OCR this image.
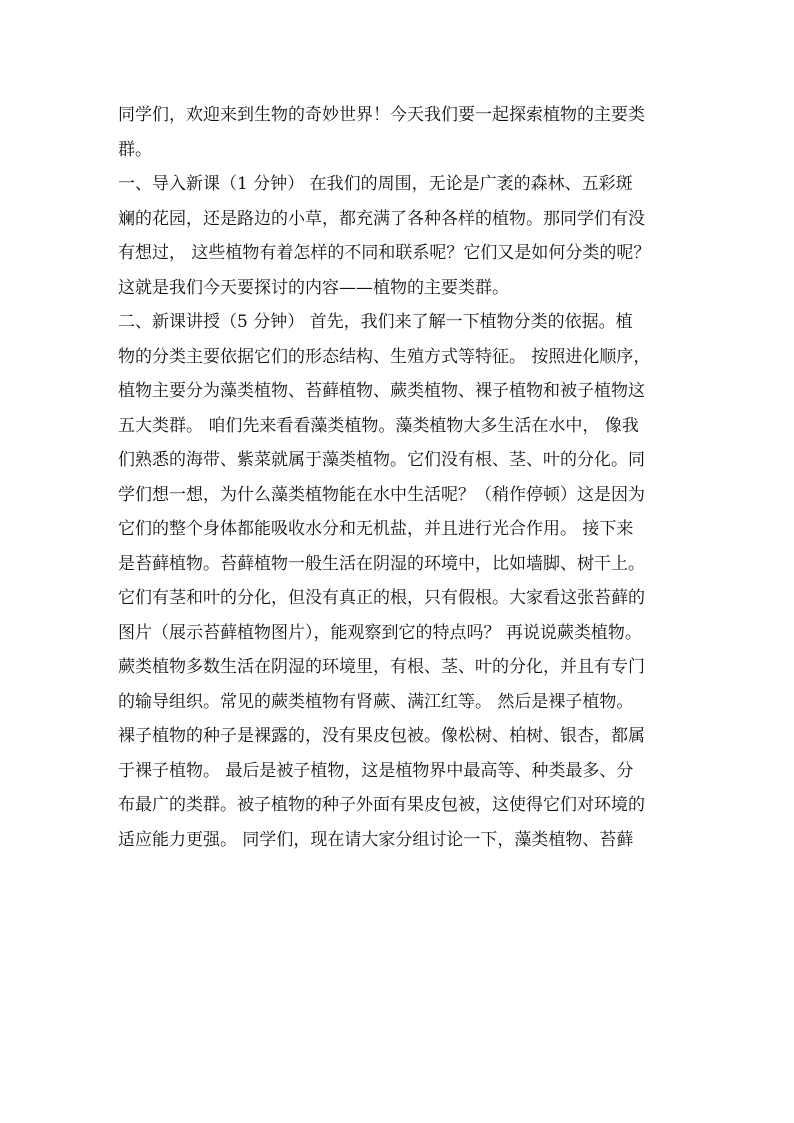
同学们，欢迎来到生物的奇妙世界！今天我们要一起探索植物的主要类
群。
一、导入新课（1 分钟） 在我们的周围，无论是广袤的森林、五彩斑
斓的花园，还是路边的小草，都充满了各种各样的植物。那同学们有没
有想过， 这些植物有着怎样的不同和联系呢？它们又是如何分类的呢？
这就是我们今天要探讨的内容——植物的主要类群。
二、新课讲授（5 分钟） 首先，我们来了解一下植物分类的依据。植
物的分类主要依据它们的形态结构、生殖方式等特征。 按照进化顺序，
植物主要分为藻类植物、苔藓植物、蕨类植物、裸子植物和被子植物这
五大类群。 咱们先来看看藻类植物。藻类植物大多生活在水中， 像我
们熟悉的海带、紫菜就属于藻类植物。它们没有根、茎、叶的分化。同
学们想一想，为什么藻类植物能在水中生活呢？（稍作停顿）这是因为
它们的整个身体都能吸收水分和无机盐，并且进行光合作用。 接下来
是苔藓植物。苔藓植物一般生活在阴湿的环境中，比如墙脚、树干上。
它们有茎和叶的分化，但没有真正的根，只有假根。大家看这张苔藓的
图片（展示苔藓植物图片），能观察到它的特点吗？ 再说说蕨类植物。
蕨类植物多数生活在阴湿的环境里，有根、茎、叶的分化，并且有专门
的输导组织。常见的蕨类植物有肾蕨、满江红等。 然后是裸子植物。
裸子植物的种子是裸露的，没有果皮包被。像松树、柏树、银杏，都属
于裸子植物。 最后是被子植物，这是植物界中最高等、种类最多、分
布最广的类群。被子植物的种子外面有果皮包被，这使得它们对环境的
适应能力更强。 同学们，现在请大家分组讨论一下，藻类植物、苔藓
